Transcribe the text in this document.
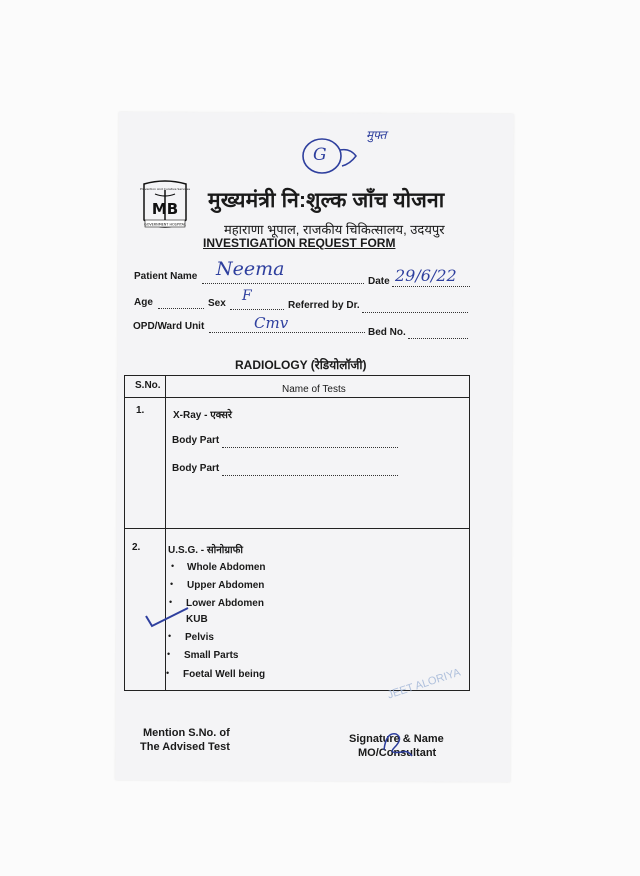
G
मुफ्त
Prevention And Curative Services
MB
GOVERNMENT HOSPITAL
मुख्यमंत्री नि:शुल्क जाँच योजना
महाराणा भूपाल, राजकीय चिकित्सालय, उदयपुर
INVESTIGATION REQUEST FORM
Patient Name Neema
Date 29/6/22
Age	Sex F
Referred by Dr.
OPD/Ward Unit	Cmv
Bed No.
RADIOLOGY (रेडियोलॉजी)
S.No.	Name of Tests
1.	X-Ray - एक्सरे
Body Part
Body Part
2.	U.S.G. - सोनोग्राफी
• Whole Abdomen
• Upper Abdomen
• Lower Abdomen
KUB
• Pelvis
• Small Parts
• Foetal Well being
Mention S.No. of
The Advised Test
Signature & Name
MO/Consultant
JEET ALORIYA
